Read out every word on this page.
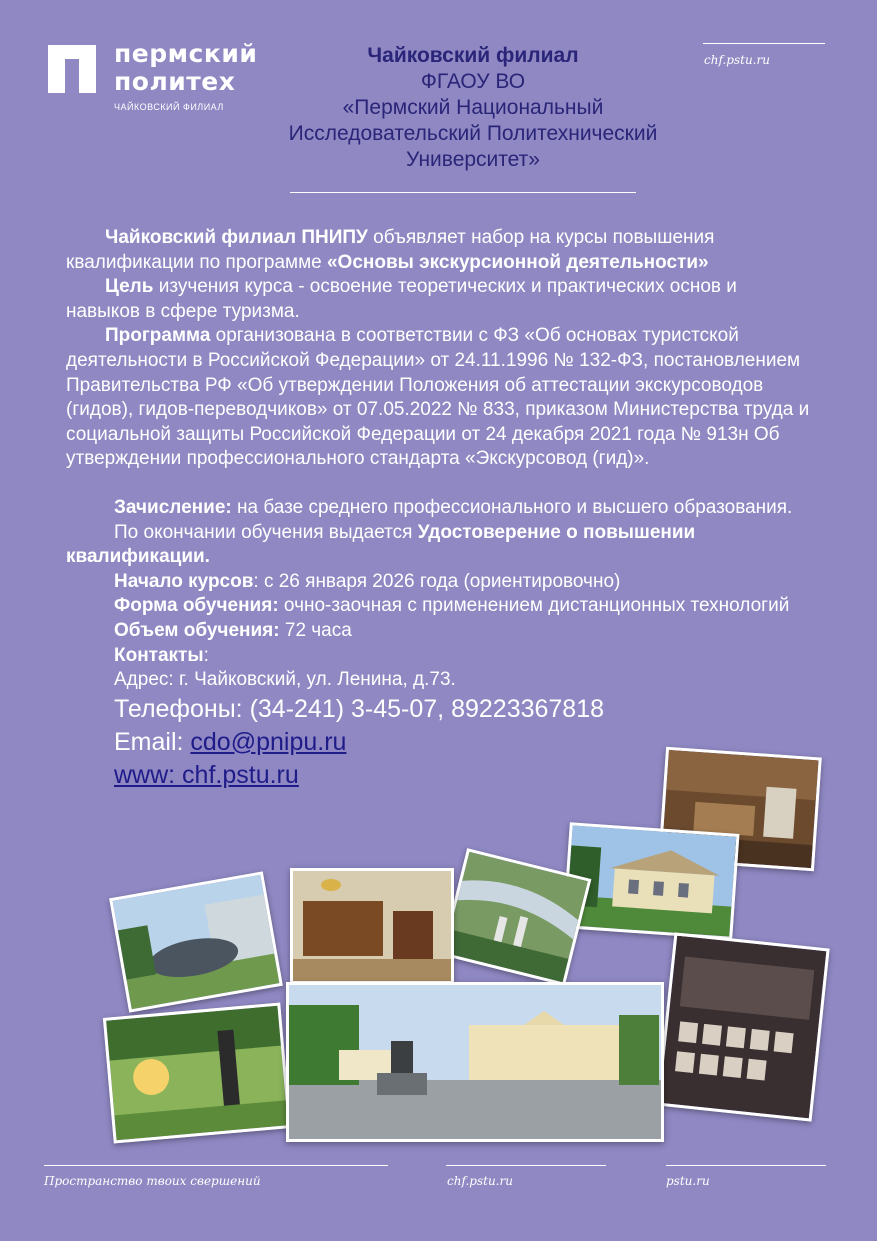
пермский
политех
ЧАЙКОВСКИЙ ФИЛИАЛ
chf.pstu.ru
Чайковский филиал
ФГАОУ ВО
«Пермский Национальный
Исследовательский Политехнический
Университет»

Чайковский филиал ПНИПУ объявляет набор на курсы повышения квалификации по программе «Основы экскурсионной деятельности»

Цель изучения курса - освоение теоретических и практических основ и навыков в сфере туризма.

Программа организована в соответствии с ФЗ «Об основах туристской деятельности в Российской Федерации» от 24.11.1996 № 132-ФЗ, постановлением Правительства РФ «Об утверждении Положения об аттестации экскурсоводов (гидов), гидов-переводчиков» от 07.05.2022 № 833, приказом Министерства труда и социальной защиты Российской Федерации от 24 декабря 2021 года № 913н Об утверждении профессионального стандарта «Экскурсовод (гид)».

Зачисление: на базе среднего профессионального и высшего образования.

По окончании обучения выдается Удостоверение о повышении квалификации.

Начало курсов: с 26 января 2026 года (ориентировочно)

Форма обучения: очно-заочная с применением дистанционных технологий

Объем обучения: 72 часа

Контакты:

Адрес: г. Чайковский, ул. Ленина, д.73.

Телефоны: (34-241) 3-45-07, 89223367818

Email: cdo@pnipu.ru

www: chf.pstu.ru

Пространство твоих свершений	chf.pstu.ru	pstu.ru
